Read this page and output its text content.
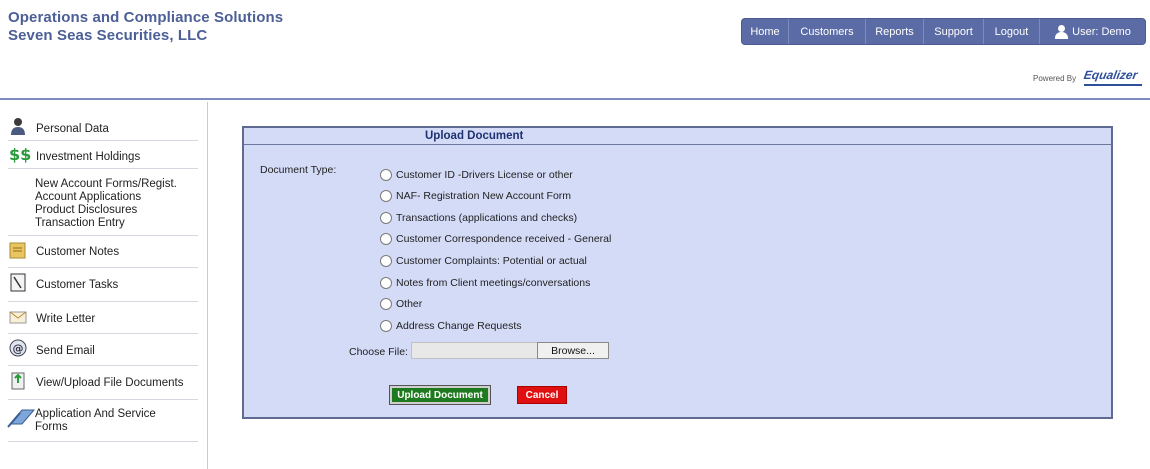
Operations and Compliance Solutions
Seven Seas Securities, LLC	Home	Customers	Reports	Support	Logout	User: Demo
Powered By Equalizer
Personal Data
$$ Investment Holdings
New Account Forms/Regist.
Account Applications
Product Disclosures
Transaction Entry
Customer Notes
Customer Tasks
Write Letter
@ Send Email
View/Upload File Documents
Application And Service
Forms
Upload Document
Document Type:	Customer ID -Drivers License or other
NAF- Registration New Account Form
Transactions (applications and checks)
Customer Correspondence received - General
Customer Complaints: Potential or actual
Notes from Client meetings/conversations
Other
Address Change Requests
Choose File:	Browse...
Upload Document	Cancel
